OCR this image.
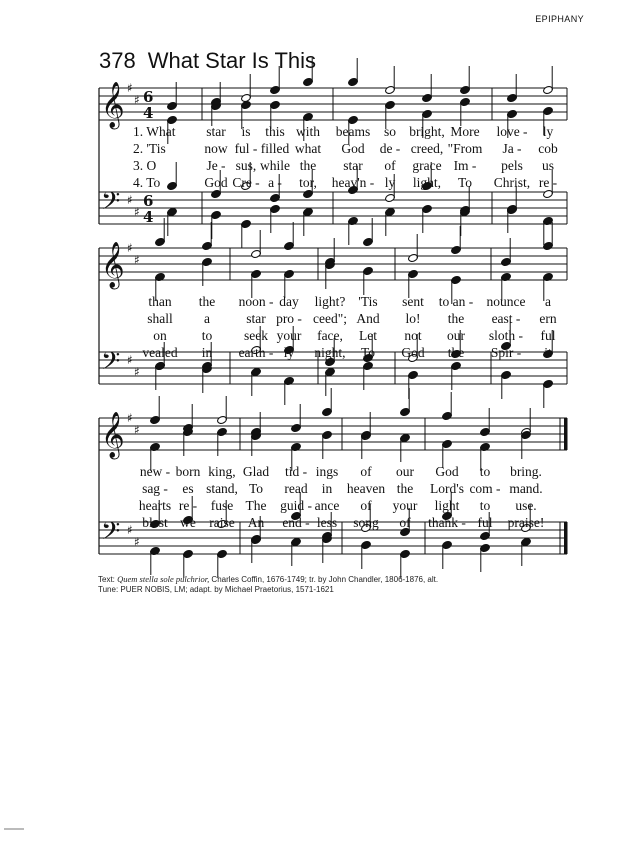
EPIPHANY
378 What Star Is This
𝄞 ♯
♯ 6
4
𝄢 ♯
♯
6
4
𝄞 ♯
♯
𝄢 ♯
♯
𝄞 ♯
♯
𝄢 ♯
♯
1. What star is this with beams so bright, More love - ly
2. 'Tis	now ful - filled what God de - creed, "From Ja - cob
3. O	Je - sus, while the star of grace Im - pels us
4. To	God Cre - a - tor, heav'n - ly light, To Christ, re -
than the noon - day light? 'Tis sent to an - nounce a
shall a	star pro - ceed"; And lo! the east - ern
on	to seek your face, Let not our sloth - ful
vealed in earth - ly night, To God the Spir - it
new - born king, Glad tid - ings of our God to bring.
sag - es stand, To read in heaven the Lord's com - mand.
hearts re - fuse The guid - ance of your light to use.
blest we raise An end - less song of thank - ful praise!
Text: Quem stella sole pulchrior, Charles Coffin, 1676-1749; tr. by John Chandler, 1806-1876, alt.
Tune: PUER NOBIS, LM; adapt. by Michael Praetorius, 1571-1621
